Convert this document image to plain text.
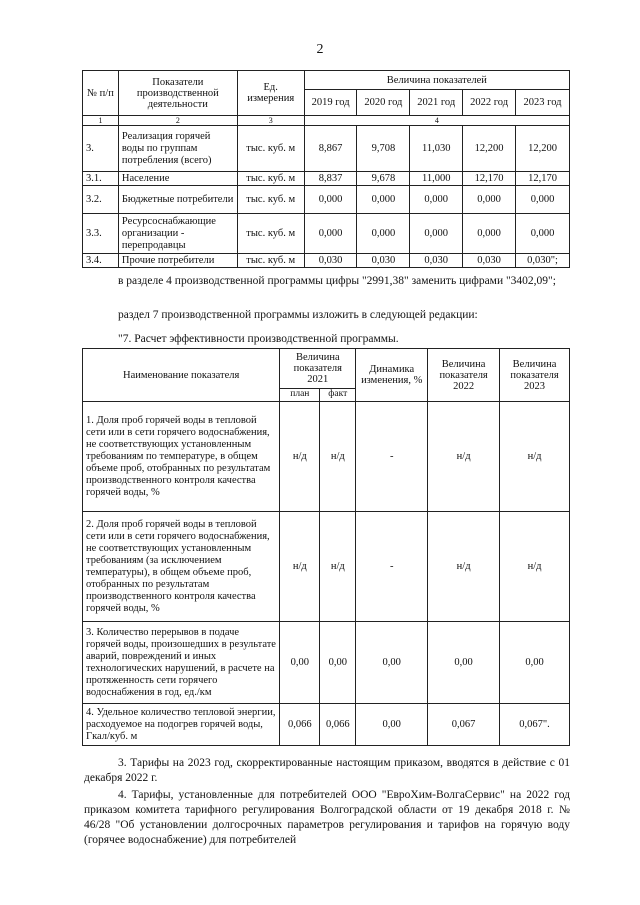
2
№ п/п	Показатели производственной деятельности	Ед. измерения	Величина показателей				
			2019 год	2020 год	2021 год	2022 год	2023 год
1	2	3	4				
3.	Реализация горячей воды по группам потребления (всего)	тыс. куб. м	8,867	9,708	11,030	12,200	12,200
3.1.	Население	тыс. куб. м	8,837	9,678	11,000	12,170	12,170
3.2.	Бюджетные потребители	тыс. куб. м	0,000	0,000	0,000	0,000	0,000
3.3.	Ресурсоснабжающие организации - перепродавцы	тыс. куб. м	0,000	0,000	0,000	0,000	0,000
3.4.	Прочие потребители	тыс. куб. м	0,030	0,030	0,030	0,030	0,030";
в разделе 4 производственной программы цифры "2991,38" заменить цифрами "3402,09";
раздел 7 производственной программы изложить в следующей редакции:
"7. Расчет эффективности производственной программы.
Наименование показателя	Величина показателя 2021		Динамика изменения, %	Величина показателя 2022	Величина показателя 2023
	план	факт			
1. Доля проб горячей воды в тепловой сети или в сети горячего водоснабжения, не соответствующих установленным требованиям по температуре, в общем объеме проб, отобранных по результатам производственного контроля качества горячей воды, %	н/д	н/д	-	н/д	н/д
2. Доля проб горячей воды в тепловой сети или в сети горячего водоснабжения, не соответствующих установленным требованиям (за исключением температуры), в общем объеме проб, отобранных по результатам производственного контроля качества горячей воды, %	н/д	н/д	-	н/д	н/д
3. Количество перерывов в подаче горячей воды, произошедших в результате аварий, повреждений и иных технологических нарушений, в расчете на протяженность сети горячего водоснабжения в год, ед./км	0,00	0,00	0,00	0,00	0,00
4. Удельное количество тепловой энергии, расходуемое на подогрев горячей воды, Гкал/куб. м	0,066	0,066	0,00	0,067	0,067".
3. Тарифы на 2023 год, скорректированные настоящим приказом, вводятся в действие с 01 декабря 2022 г.
4. Тарифы, установленные для потребителей ООО "ЕвроХим-ВолгаСервис" на 2022 год приказом комитета тарифного регулирования Волгоградской области от 19 декабря 2018 г. № 46/28 "Об установлении долгосрочных параметров регулирования и тарифов на горячую воду (горячее водоснабжение) для потребителей
